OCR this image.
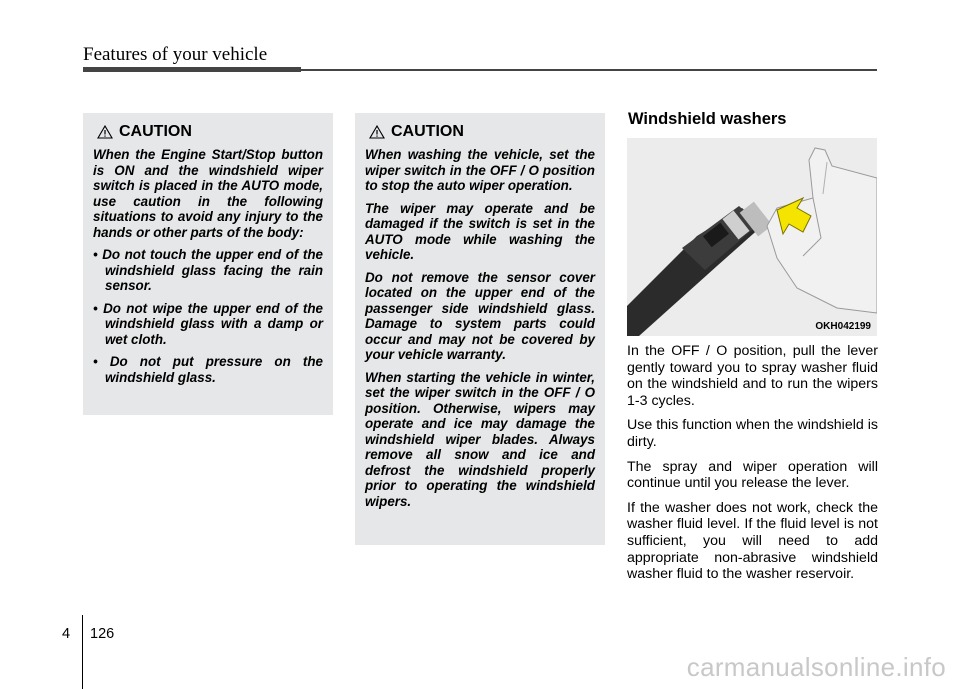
Features of your vehicle
CAUTION

When the Engine Start/Stop button is ON and the windshield wiper switch is placed in the AUTO mode, use caution in the following situations to avoid any injury to the hands or other parts of the body:

• Do not touch the upper end of the windshield glass facing the rain sensor.

• Do not wipe the upper end of the windshield glass with a damp or wet cloth.

• Do not put pressure on the windshield glass.

CAUTION

When washing the vehicle, set the wiper switch in the OFF / O position to stop the auto wiper operation.

The wiper may operate and be damaged if the switch is set in the AUTO mode while washing the vehicle.

Do not remove the sensor cover located on the upper end of the passenger side windshield glass. Damage to system parts could occur and may not be covered by your vehicle warranty.

When starting the vehicle in winter, set the wiper switch in the OFF / O position. Otherwise, wipers may operate and ice may damage the windshield wiper blades. Always remove all snow and ice and defrost the windshield properly prior to operating the windshield wipers.

Windshield washers
OKH042199

In the OFF / O position, pull the lever gently toward you to spray washer fluid on the windshield and to run the wipers 1-3 cycles.

Use this function when the windshield is dirty.

The spray and wiper operation will continue until you release the lever.

If the washer does not work, check the washer fluid level. If the fluid level is not sufficient, you will need to add appropriate non-abrasive windshield washer fluid to the washer reservoir.

4 126
carmanualsonline.info
